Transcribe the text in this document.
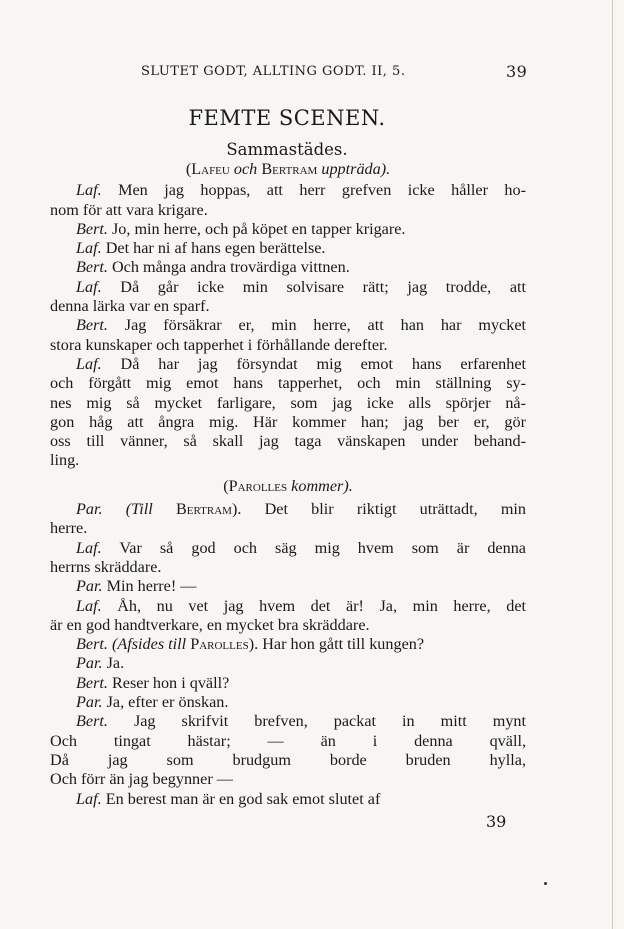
SLUTET GODT, ALLTING GODT. II, 5.	39
FEMTE SCENEN.
Sammastädes.
(Lafeu och Bertram uppträda).
Laf. Men jag hoppas, att herr grefven icke håller ho-
nom för att vara krigare.
Bert. Jo, min herre, och på köpet en tapper krigare.
Laf. Det har ni af hans egen berättelse.
Bert. Och många andra trovärdiga vittnen.
Laf. Då går icke min solvisare rätt; jag trodde, att
denna lärka var en sparf.
Bert. Jag försäkrar er, min herre, att han har mycket
stora kunskaper och tapperhet i förhållande derefter.
Laf. Då har jag försyndat mig emot hans erfarenhet
och förgått mig emot hans tapperhet, och min ställning sy-
nes mig så mycket farligare, som jag icke alls spörjer nå-
gon håg att ångra mig. Här kommer han; jag ber er, gör
oss till vänner, så skall jag taga vänskapen under behand-
ling.
(Parolles kommer).
Par. (Till Bertram). Det blir riktigt uträttadt, min
herre.
Laf. Var så god och säg mig hvem som är denna
herrns skräddare.
Par. Min herre! —
Laf. Åh, nu vet jag hvem det är! Ja, min herre, det
är en god handtverkare, en mycket bra skräddare.
Bert. (Afsides till Parolles). Har hon gått till kungen?
Par. Ja.
Bert. Reser hon i qväll?
Par. Ja, efter er önskan.
Bert. Jag skrifvit brefven, packat in mitt mynt
Och tingat hästar; — än i denna qväll,
Då jag som brudgum borde bruden hylla,
Och förr än jag begynner —
Laf. En berest man är en god sak emot slutet af
39
